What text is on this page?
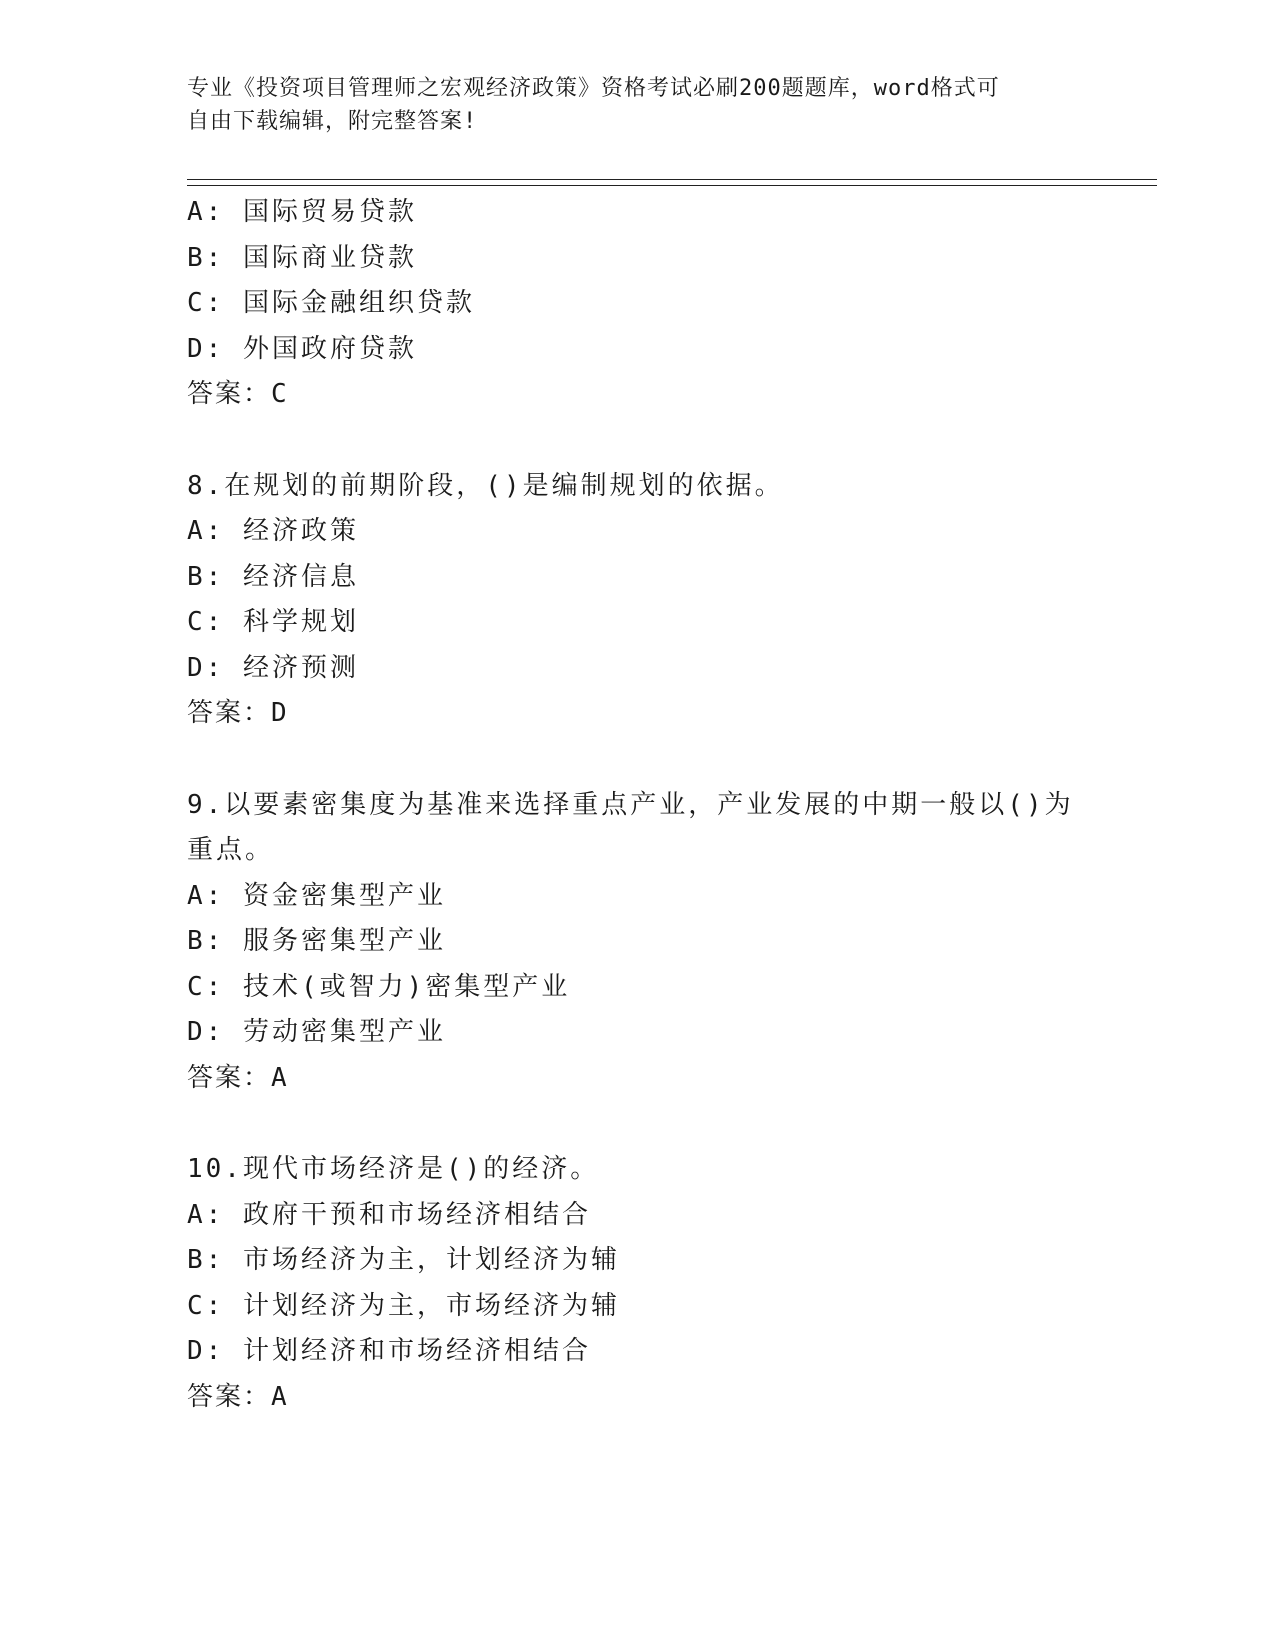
专业《投资项目管理师之宏观经济政策》资格考试必刷200题题库，word格式可
自由下载编辑，附完整答案!
A: 国际贸易贷款
B: 国际商业贷款
C: 国际金融组织贷款
D: 外国政府贷款
答案：C
8.在规划的前期阶段，()是编制规划的依据。
A: 经济政策
B: 经济信息
C: 科学规划
D: 经济预测
答案：D
9.以要素密集度为基准来选择重点产业，产业发展的中期一般以()为
重点。
A: 资金密集型产业
B: 服务密集型产业
C: 技术(或智力)密集型产业
D: 劳动密集型产业
答案：A
10.现代市场经济是()的经济。
A: 政府干预和市场经济相结合
B: 市场经济为主，计划经济为辅
C: 计划经济为主，市场经济为辅
D: 计划经济和市场经济相结合
答案：A
